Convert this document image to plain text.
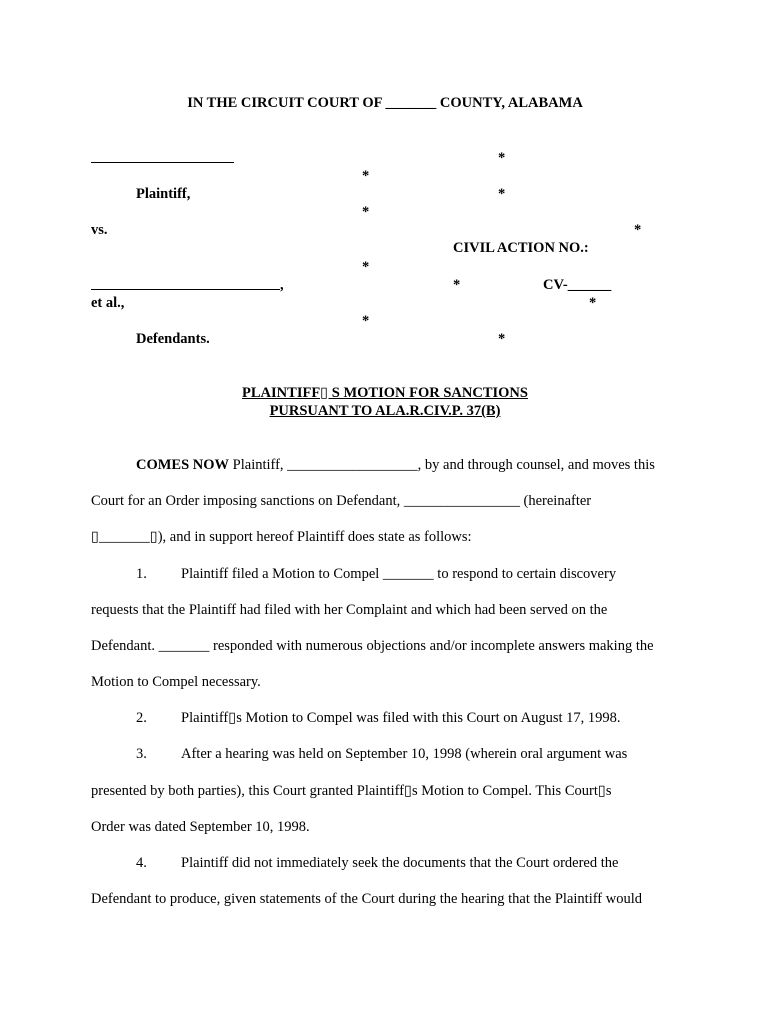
IN THE CIRCUIT COURT OF _______ COUNTY, ALABAMA
Plaintiff,
vs.
,
et al.,
Defendants.
*
*
*
*
*
CIVIL ACTION NO.:
*
*	CV-______
*
*
*
PLAINTIFF▯ S MOTION FOR SANCTIONS
PURSUANT TO ALA.R.CIV.P. 37(B)
COMES NOW Plaintiff, __________________, by and through counsel, and moves this
Court for an Order imposing sanctions on Defendant, ________________ (hereinafter
▯_______▯), and in support hereof Plaintiff does state as follows:
1. Plaintiff filed a Motion to Compel _______ to respond to certain discovery
requests that the Plaintiff had filed with her Complaint and which had been served on the
Defendant. _______ responded with numerous objections and/or incomplete answers making the
Motion to Compel necessary.
2. Plaintiff▯s Motion to Compel was filed with this Court on August 17, 1998.
3. After a hearing was held on September 10, 1998 (wherein oral argument was
presented by both parties), this Court granted Plaintiff▯s Motion to Compel. This Court▯s
Order was dated September 10, 1998.
4. Plaintiff did not immediately seek the documents that the Court ordered the
Defendant to produce, given statements of the Court during the hearing that the Plaintiff would
